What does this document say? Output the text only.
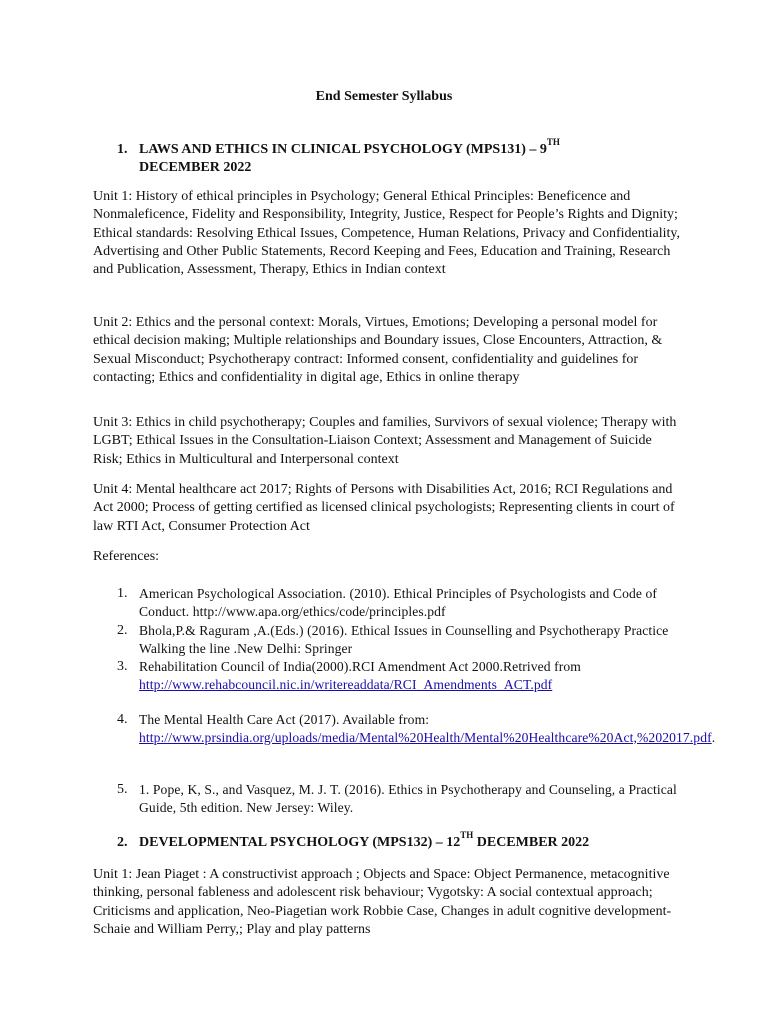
End Semester Syllabus
1. LAWS AND ETHICS IN CLINICAL PSYCHOLOGY (MPS131) – 9TH
DECEMBER 2022
Unit 1: History of ethical principles in Psychology; General Ethical Principles: Beneficence and Nonmaleficence, Fidelity and Responsibility, Integrity, Justice, Respect for People’s Rights and Dignity; Ethical standards: Resolving Ethical Issues, Competence, Human Relations, Privacy and Confidentiality, Advertising and Other Public Statements, Record Keeping and Fees, Education and Training, Research and Publication, Assessment, Therapy, Ethics in Indian context
Unit 2: Ethics and the personal context: Morals, Virtues, Emotions; Developing a personal model for ethical decision making; Multiple relationships and Boundary issues, Close Encounters, Attraction, & Sexual Misconduct; Psychotherapy contract: Informed consent, confidentiality and guidelines for contacting; Ethics and confidentiality in digital age, Ethics in online therapy
Unit 3: Ethics in child psychotherapy; Couples and families, Survivors of sexual violence; Therapy with LGBT; Ethical Issues in the Consultation-Liaison Context; Assessment and Management of Suicide Risk; Ethics in Multicultural and Interpersonal context
Unit 4: Mental healthcare act 2017; Rights of Persons with Disabilities Act, 2016; RCI Regulations and Act 2000; Process of getting certified as licensed clinical psychologists; Representing clients in court of law RTI Act, Consumer Protection Act
References:
1. American Psychological Association. (2010). Ethical Principles of Psychologists and Code of Conduct. http://www.apa.org/ethics/code/principles.pdf
2. Bhola,P.& Raguram ,A.(Eds.) (2016). Ethical Issues in Counselling and Psychotherapy Practice Walking the line .New Delhi: Springer
3. Rehabilitation Council of India(2000).RCI Amendment Act 2000.Retrived from http://www.rehabcouncil.nic.in/writereaddata/RCI_Amendments_ACT.pdf
4. The Mental Health Care Act (2017). Available from: http://www.prsindia.org/uploads/media/Mental%20Health/Mental%20Healthcare%20Act,%202017.pdf.
5. 1. Pope, K, S., and Vasquez, M. J. T. (2016). Ethics in Psychotherapy and Counseling, a Practical Guide, 5th edition. New Jersey: Wiley.
2. DEVELOPMENTAL PSYCHOLOGY (MPS132) – 12TH DECEMBER 2022
Unit 1: Jean Piaget : A constructivist approach ; Objects and Space: Object Permanence, metacognitive thinking, personal fableness and adolescent risk behaviour; Vygotsky: A social contextual approach; Criticisms and application, Neo-Piagetian work Robbie Case, Changes in adult cognitive development-Schaie and William Perry,; Play and play patterns
